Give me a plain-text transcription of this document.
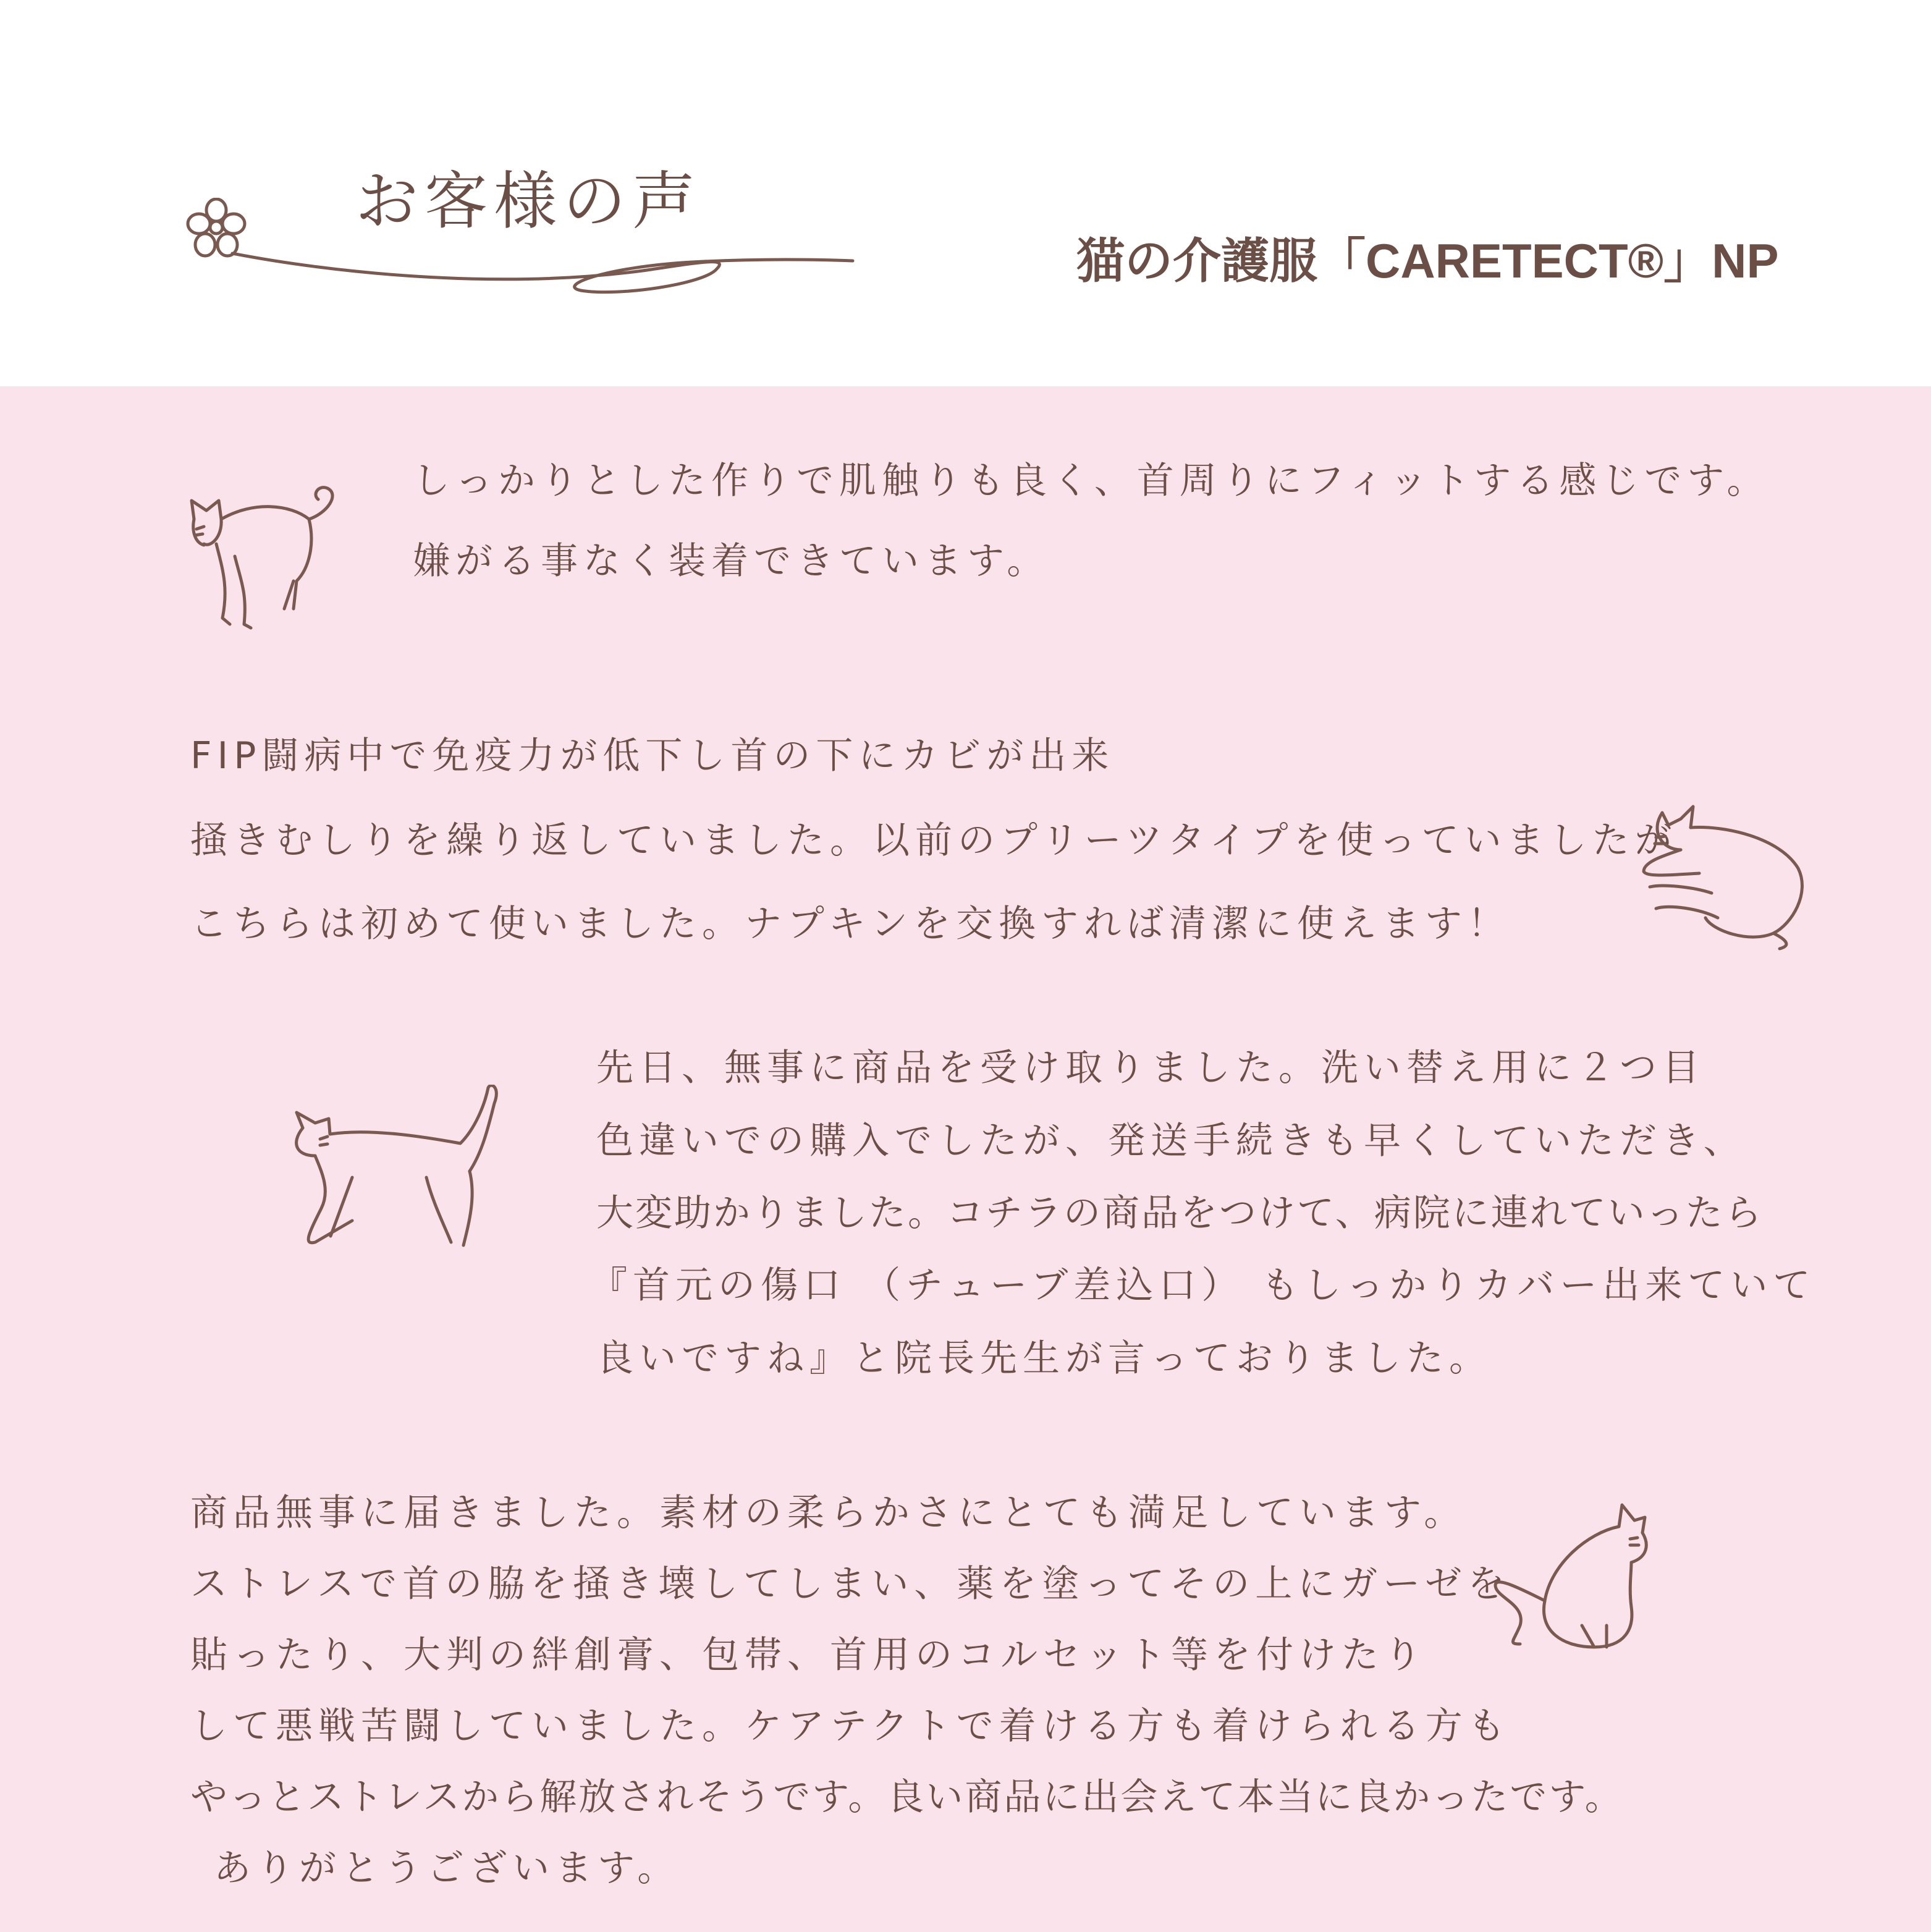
お客様の声
猫の介護服「CARETECT®」NP
しっかりとした作りで肌触りも良く、首周りにフィットする感じです。
嫌がる事なく装着できています。
FIP闘病中で免疫力が低下し首の下にカビが出来
掻きむしりを繰り返していました。以前のプリーツタイプを使っていましたが
こちらは初めて使いました。ナプキンを交換すれば清潔に使えます！
先日、無事に商品を受け取りました。洗い替え用に２つ目
色違いでの購入でしたが、発送手続きも早くしていただき、
大変助かりました。コチラの商品をつけて、病院に連れていったら
『首元の傷口 （チューブ差込口） もしっかりカバー出来ていて
良いですね』と院長先生が言っておりました。
商品無事に届きました。素材の柔らかさにとても満足しています。
ストレスで首の脇を掻き壊してしまい、薬を塗ってその上にガーゼを
貼ったり、大判の絆創膏、包帯、首用のコルセット等を付けたり
して悪戦苦闘していました。ケアテクトで着ける方も着けられる方も
やっとストレスから解放されそうです。良い商品に出会えて本当に良かったです。
ありがとうございます。
